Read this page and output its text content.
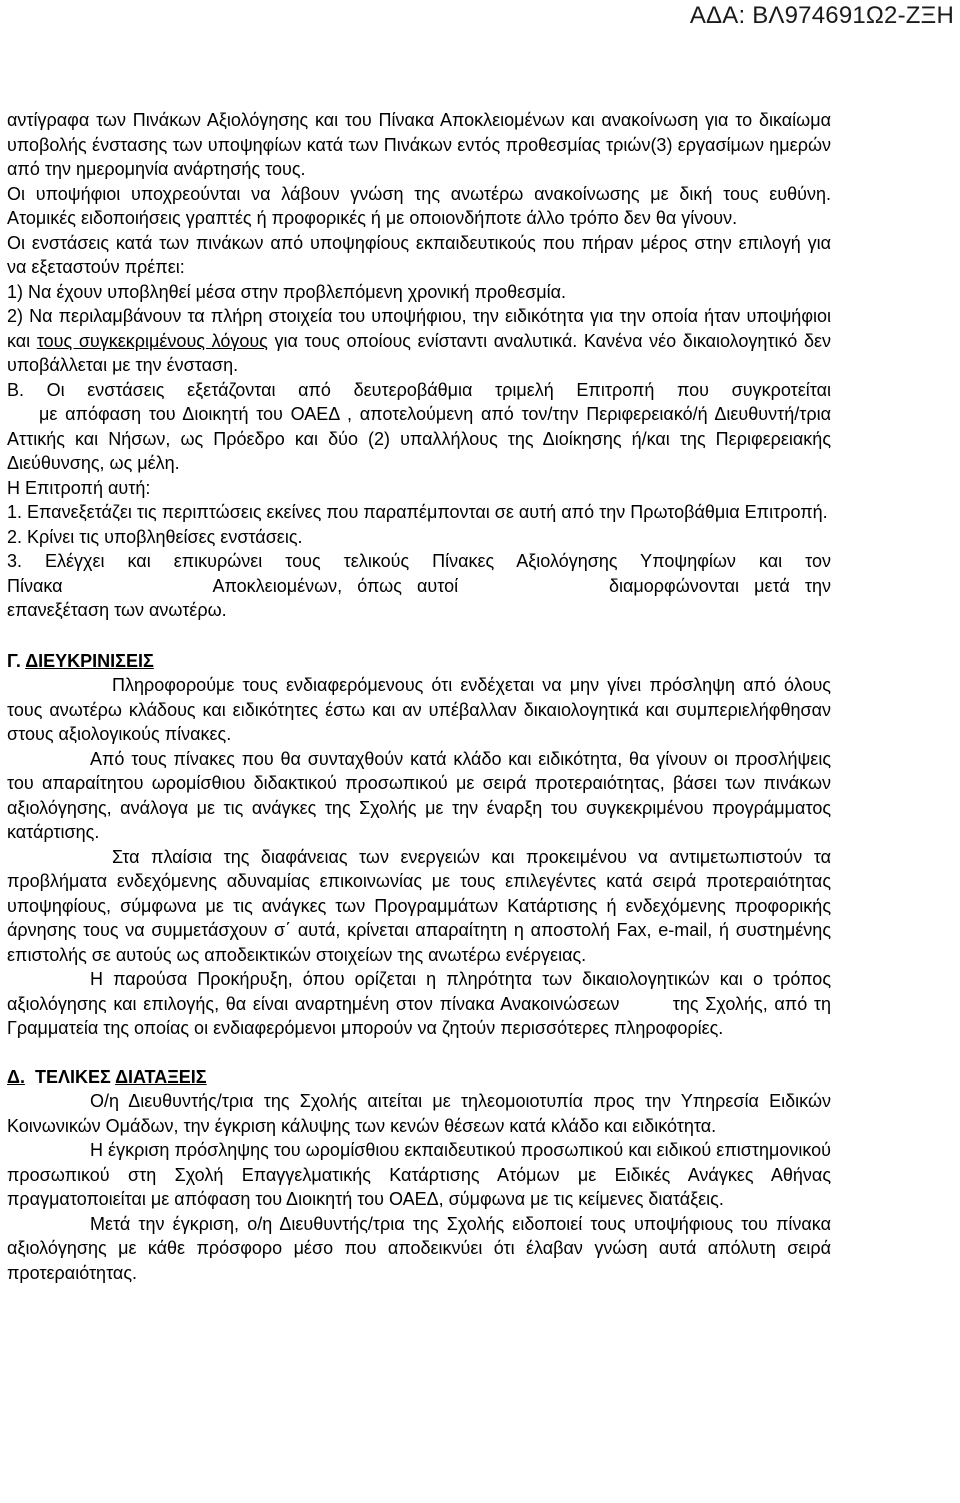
ΑΔΑ: ΒΛ974691Ω2-ΖΞΗ

αντίγραφα των Πινάκων Αξιολόγησης και του Πίνακα Αποκλειομένων και ανακοίνωση για το δικαίωμα υποβολής ένστασης των υποψηφίων κατά των Πινάκων εντός προθεσμίας τριών(3) εργασίμων ημερών από την ημερομηνία ανάρτησής τους.

Οι υποψήφιοι υποχρεούνται να λάβουν γνώση της ανωτέρω ανακοίνωσης με δική τους ευθύνη. Ατομικές ειδοποιήσεις γραπτές ή προφορικές ή με οποιονδήποτε άλλο τρόπο δεν θα γίνουν.

Οι ενστάσεις κατά των πινάκων από υποψηφίους εκπαιδευτικούς που πήραν μέρος στην επιλογή για να εξεταστούν πρέπει:

1) Να έχουν υποβληθεί μέσα στην προβλεπόμενη χρονική προθεσμία.

2) Να περιλαμβάνουν τα πλήρη στοιχεία του υποψήφιου, την ειδικότητα για την οποία ήταν υποψήφιοι και τους συγκεκριμένους λόγους για τους οποίους ενίσταντι αναλυτικά. Κανένα νέο δικαιολογητικό δεν υποβάλλεται με την ένσταση.

Β. Οι ενστάσεις εξετάζονται από δευτεροβάθμια τριμελή Επιτροπή που συγκροτείται

με απόφαση του Διοικητή του ΟΑΕΔ , αποτελούμενη από τον/την Περιφερειακό/ή Διευθυντή/τρια Αττικής και Νήσων, ως Πρόεδρο και δύο (2) υπαλλήλους της Διοίκησης ή/και της Περιφερειακής Διεύθυνσης, ως μέλη.

Η Επιτροπή αυτή:

1. Επανεξετάζει τις περιπτώσεις εκείνες που παραπέμπονται σε αυτή από την Πρωτοβάθμια Επιτροπή.

2. Κρίνει τις υποβληθείσες ενστάσεις.

3. Ελέγχει και επικυρώνει τους τελικούς Πίνακες Αξιολόγησης Υποψηφίων και τον

Πίνακα          Αποκλειομένων, όπως αυτοί          διαμορφώνονται μετά την

επανεξέταση των ανωτέρω.

Γ. ΔΙΕΥΚΡΙΝΙΣΕΙΣ

Πληροφορούμε τους ενδιαφερόμενους ότι ενδέχεται να μην γίνει πρόσληψη από όλους τους ανωτέρω κλάδους και ειδικότητες έστω και αν υπέβαλλαν δικαιολογητικά και συμπεριελήφθησαν στους αξιολογικούς πίνακες.

Από τους πίνακες που θα συνταχθούν κατά κλάδο και ειδικότητα, θα γίνουν οι προσλήψεις του απαραίτητου ωρομίσθιου διδακτικού προσωπικού με σειρά προτεραιότητας, βάσει των πινάκων αξιολόγησης, ανάλογα με τις ανάγκες της Σχολής με την έναρξη του συγκεκριμένου προγράμματος κατάρτισης.

Στα πλαίσια της διαφάνειας των ενεργειών και προκειμένου να αντιμετωπιστούν τα προβλήματα ενδεχόμενης αδυναμίας επικοινωνίας με τους επιλεγέντες κατά σειρά προτεραιότητας υποψηφίους, σύμφωνα με τις ανάγκες των Προγραμμάτων Κατάρτισης ή ενδεχόμενης προφορικής άρνησης τους να συμμετάσχουν σ΄ αυτά, κρίνεται απαραίτητη η αποστολή Fax, e-mail, ή συστημένης επιστολής σε αυτούς ως αποδεικτικών στοιχείων της ανωτέρω ενέργειας.

Η παρούσα Προκήρυξη, όπου ορίζεται η πληρότητα των δικαιολογητικών και ο τρόπος αξιολόγησης και επιλογής, θα είναι αναρτημένη στον πίνακα Ανακοινώσεων        της Σχολής, από τη Γραμματεία της οποίας οι ενδιαφερόμενοι μπορούν να ζητούν περισσότερες πληροφορίες.

Δ.  ΤΕΛΙΚΕΣ ΔΙΑΤΑΞΕΙΣ

Ο/η Διευθυντής/τρια της Σχολής αιτείται με τηλεομοιοτυπία προς την Υπηρεσία Ειδικών Κοινωνικών Ομάδων, την έγκριση κάλυψης των κενών θέσεων κατά κλάδο και ειδικότητα.

Η έγκριση πρόσληψης του ωρομίσθιου εκπαιδευτικού προσωπικού και ειδικού επιστημονικού προσωπικού στη Σχολή Επαγγελματικής Κατάρτισης Ατόμων με Ειδικές Ανάγκες Αθήνας πραγματοποιείται με απόφαση του Διοικητή του ΟΑΕΔ, σύμφωνα με τις κείμενες διατάξεις.

Μετά την έγκριση, ο/η Διευθυντής/τρια της Σχολής ειδοποιεί τους υποψήφιους του πίνακα αξιολόγησης με κάθε πρόσφορο μέσο που αποδεικνύει ότι έλαβαν γνώση αυτά απόλυτη σειρά προτεραιότητας.
